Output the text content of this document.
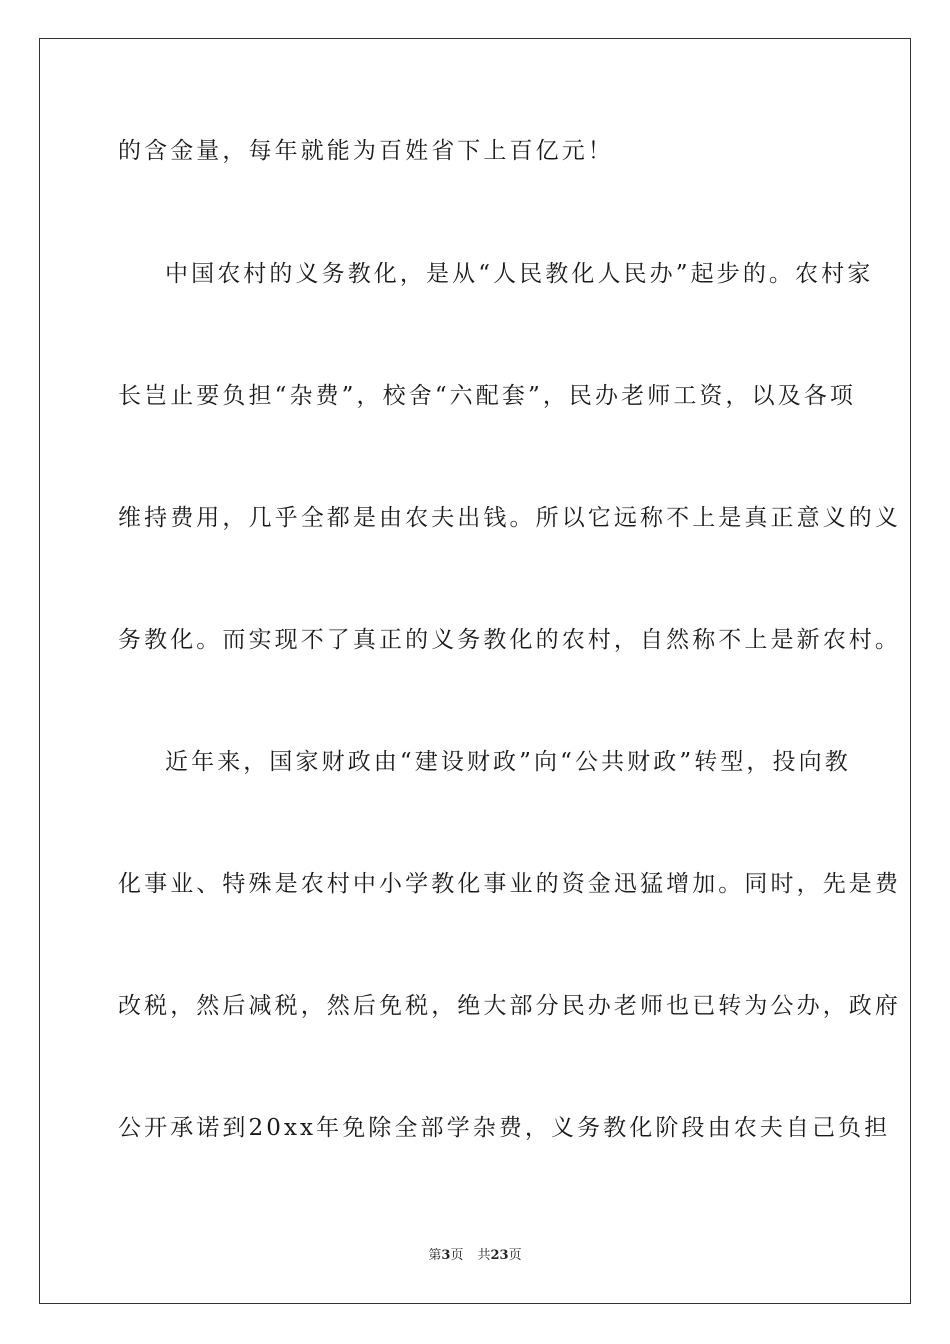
的含金量，每年就能为百姓省下上百亿元！
中国农村的义务教化，是从“人民教化人民办”起步的。农村家
长岂止要负担“杂费”，校舍“六配套”，民办老师工资，以及各项
维持费用，几乎全都是由农夫出钱。所以它远称不上是真正意义的义
务教化。而实现不了真正的义务教化的农村，自然称不上是新农村。
近年来，国家财政由“建设财政”向“公共财政”转型，投向教
化事业、特殊是农村中小学教化事业的资金迅猛增加。同时，先是费
改税，然后减税，然后免税，绝大部分民办老师也已转为公办，政府
公开承诺到20xx年免除全部学杂费，义务教化阶段由农夫自己负担
第3页 共23页
